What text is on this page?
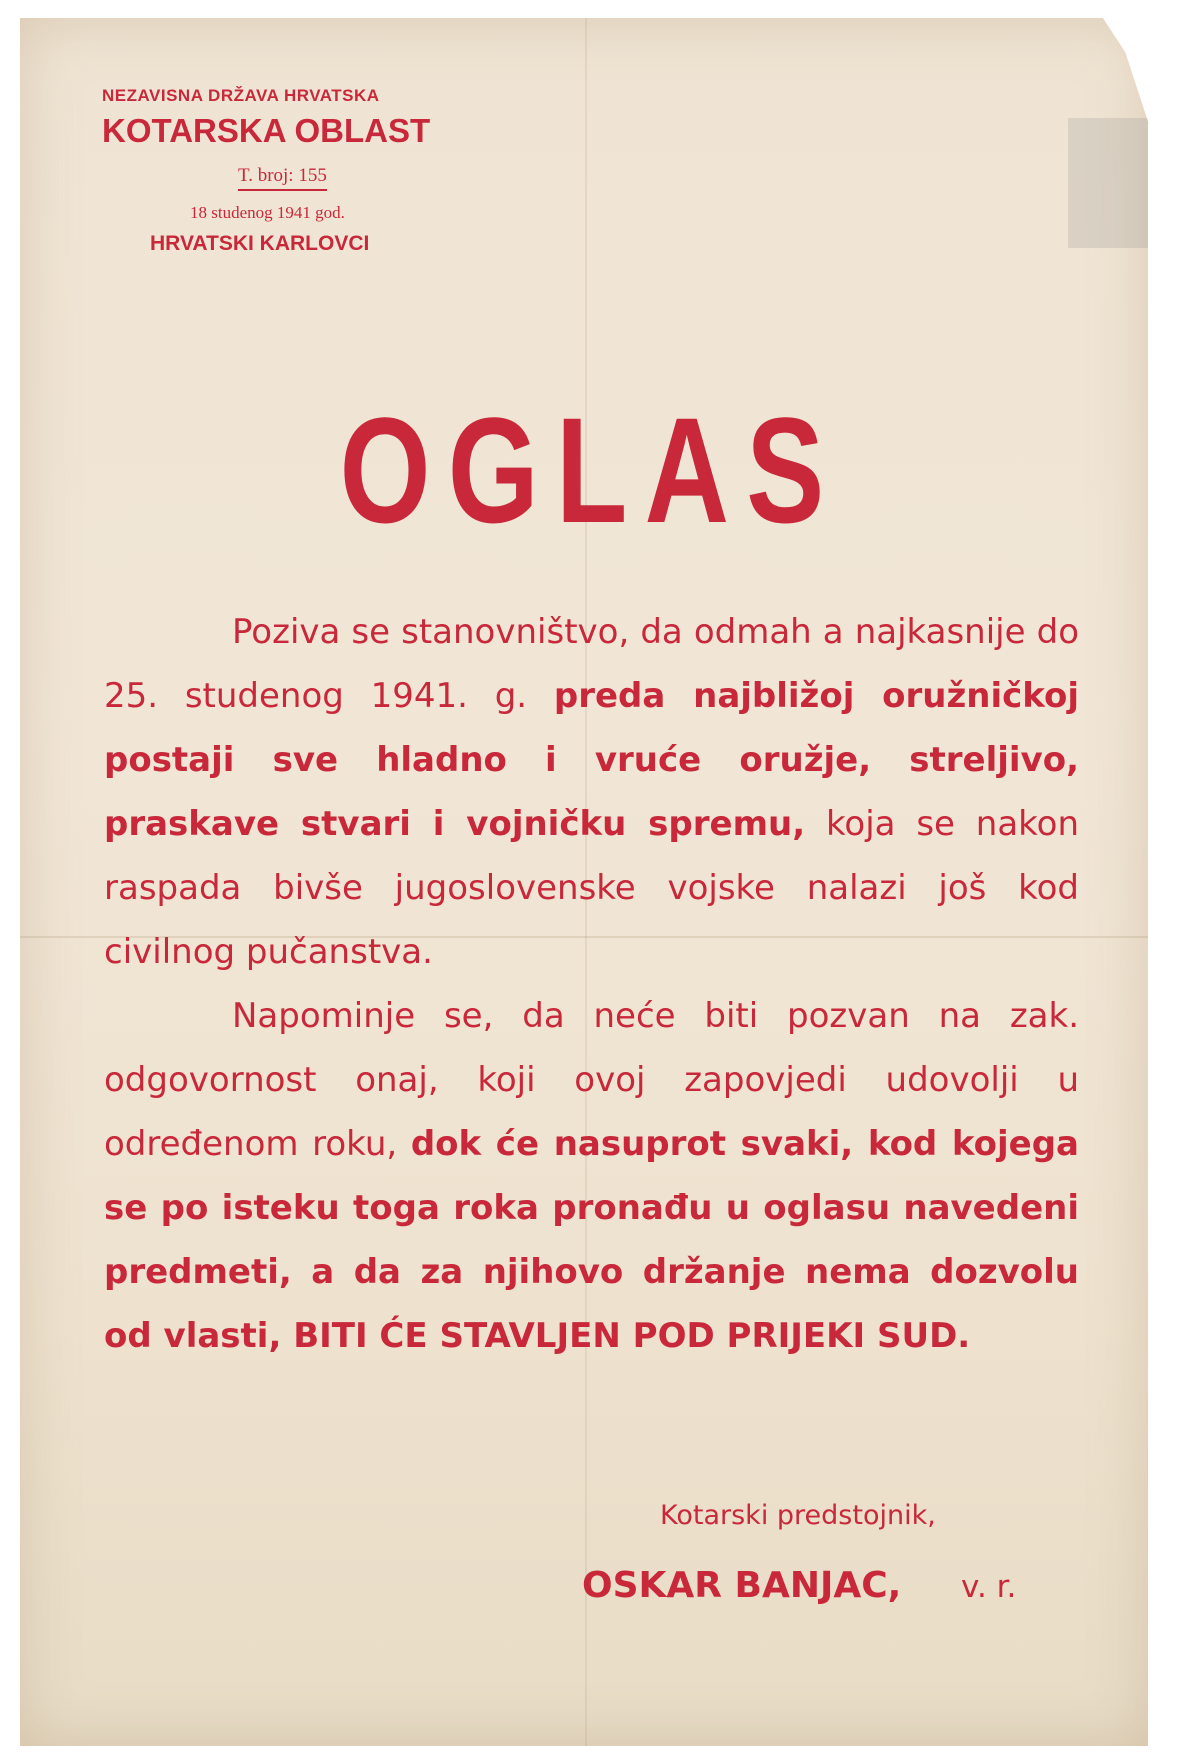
NEZAVISNA DRŽAVA HRVATSKA
KOTARSKA OBLAST
T. broj: 155
18 studenog 1941 god.
HRVATSKI KARLOVCI
OGLAS

Poziva se stanovništvo, da odmah a najkasnije do 25. studenog 1941. g. preda najbližoj oružničkoj postaji sve hladno i vruće oružje, streljivo, praskave stvari i vojničku spremu, koja se nakon raspada bivše jugoslovenske vojske nalazi još kod civilnog pučanstva.

Napominje se, da neće biti pozvan na zak. odgovornost onaj, koji ovoj zapovjedi udovolji u određenom roku, dok će nasuprot svaki, kod kojega se po isteku toga roka pronađu u oglasu navedeni predmeti, a da za njihovo držanje nema dozvolu od vlasti, BITI ĆE STAVLJEN POD PRIJEKI SUD.

Kotarski predstojnik,
OSKAR BANJAC, v. r.
